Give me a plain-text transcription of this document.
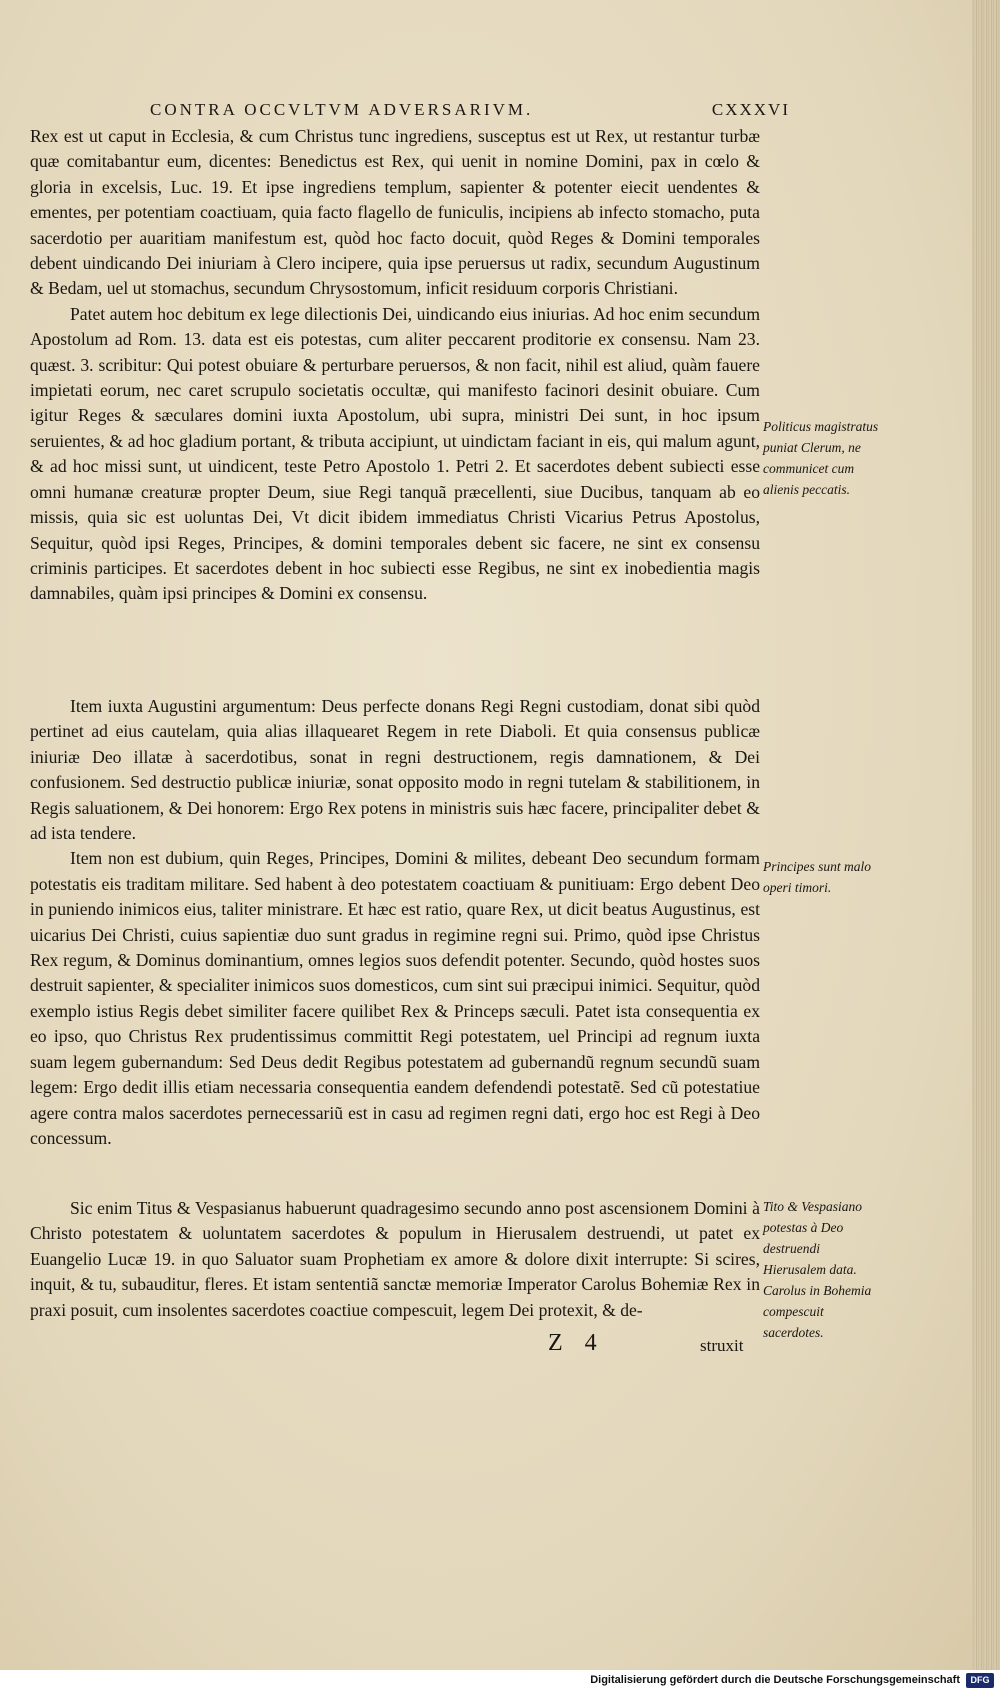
CONTRA OCCVLTVM ADVERSARIVM.	CXXXVI

Rex est ut caput in Ecclesia, & cum Christus tunc ingrediens, susceptus est ut Rex, ut restantur turbæ quæ comitabantur eum, dicentes: Benedictus est Rex, qui uenit in nomine Domini, pax in cœlo & gloria in excelsis, Luc. 19. Et ipse ingrediens templum, sapienter & potenter eiecit uendentes & ementes, per potentiam coactiuam, quia facto flagello de funiculis, incipiens ab infecto stomacho, puta sacerdotio per auaritiam manifestum est, quòd hoc facto docuit, quòd Reges & Domini temporales debent uindicando Dei iniuriam à Clero incipere, quia ipse peruersus ut radix, secundum Augustinum & Bedam, uel ut stomachus, secundum Chrysostomum, inficit residuum corporis Christiani.

Patet autem hoc debitum ex lege dilectionis Dei, uindicando eius iniurias. Ad hoc enim secundum Apostolum ad Rom. 13. data est eis potestas, cum aliter peccarent proditorie ex consensu. Nam 23. quæst. 3. scribitur: Qui potest obuiare & perturbare peruersos, & non facit, nihil est aliud, quàm fauere impietati eorum, nec caret scrupulo societatis occultæ, qui manifesto facinori desinit obuiare. Cum igitur Reges & sæculares domini iuxta Apostolum, ubi supra, ministri Dei sunt, in hoc ipsum seruientes, & ad hoc gladium portant, & tributa accipiunt, ut uindictam faciant in eis, qui malum agunt, & ad hoc missi sunt, ut uindicent, teste Petro Apostolo 1. Petri 2. Et sacerdotes debent subiecti esse omni humanæ creaturæ propter Deum, siue Regi tanquã præcellenti, siue Ducibus, tanquam ab eo missis, quia sic est uoluntas Dei, Vt dicit ibidem immediatus Christi Vicarius Petrus Apostolus, Sequitur, quòd ipsi Reges, Principes, & domini temporales debent sic facere, ne sint ex consensu criminis participes. Et sacerdotes debent in hoc subiecti esse Regibus, ne sint ex inobedientia magis damnabiles, quàm ipsi principes & Domini ex consensu.

Item iuxta Augustini argumentum: Deus perfecte donans Regi Regni custodiam, donat sibi quòd pertinet ad eius cautelam, quia alias illaquearet Regem in rete Diaboli. Et quia consensus publicæ iniuriæ Deo illatæ à sacerdotibus, sonat in regni destructionem, regis damnationem, & Dei confusionem. Sed destructio publicæ iniuriæ, sonat opposito modo in regni tutelam & stabilitionem, in Regis saluationem, & Dei honorem: Ergo Rex potens in ministris suis hæc facere, principaliter debet & ad ista tendere.

Item non est dubium, quin Reges, Principes, Domini & milites, debeant Deo secundum formam potestatis eis traditam militare. Sed habent à deo potestatem coactiuam & punitiuam: Ergo debent Deo in puniendo inimicos eius, taliter ministrare. Et hæc est ratio, quare Rex, ut dicit beatus Augustinus, est uicarius Dei Christi, cuius sapientiæ duo sunt gradus in regimine regni sui. Primo, quòd ipse Christus Rex regum, & Dominus dominantium, omnes legios suos defendit potenter. Secundo, quòd hostes suos destruit sapienter, & specialiter inimicos suos domesticos, cum sint sui præcipui inimici. Sequitur, quòd exemplo istius Regis debet similiter facere quilibet Rex & Princeps sæculi. Patet ista consequentia ex eo ipso, quo Christus Rex prudentissimus committit Regi potestatem, uel Principi ad regnum iuxta suam legem gubernandum: Sed Deus dedit Regibus potestatem ad gubernandũ regnum secundũ suam legem: Ergo dedit illis etiam necessaria consequentia eandem defendendi potestatẽ. Sed cũ potestatiue agere contra malos sacerdotes pernecessariũ est in casu ad regimen regni dati, ergo hoc est Regi à Deo concessum.

Sic enim Titus & Vespasianus habuerunt quadragesimo secundo anno post ascensionem Domini à Christo potestatem & uoluntatem sacerdotes & populum in Hierusalem destruendi, ut patet ex Euangelio Lucæ 19. in quo Saluator suam Prophetiam ex amore & dolore dixit interrupte: Si scires, inquit, & tu, subauditur, fleres. Et istam sententiã sanctæ memoriæ Imperator Carolus Bohemiæ Rex in praxi posuit, cum insolentes sacerdotes coactiue compescuit, legem Dei protexit, & de-

Politicus magistratus puniat Clerum, ne communicet cum alienis peccatis.
Principes sunt malo operi timori.
Tito & Vespasiano potestas à Deo destruendi Hierusalem data. Carolus in Bohemia compescuit sacerdotes.
Z 4	struxit
Digitalisierung gefördert durch die Deutsche Forschungsgemeinschaft	DFG
